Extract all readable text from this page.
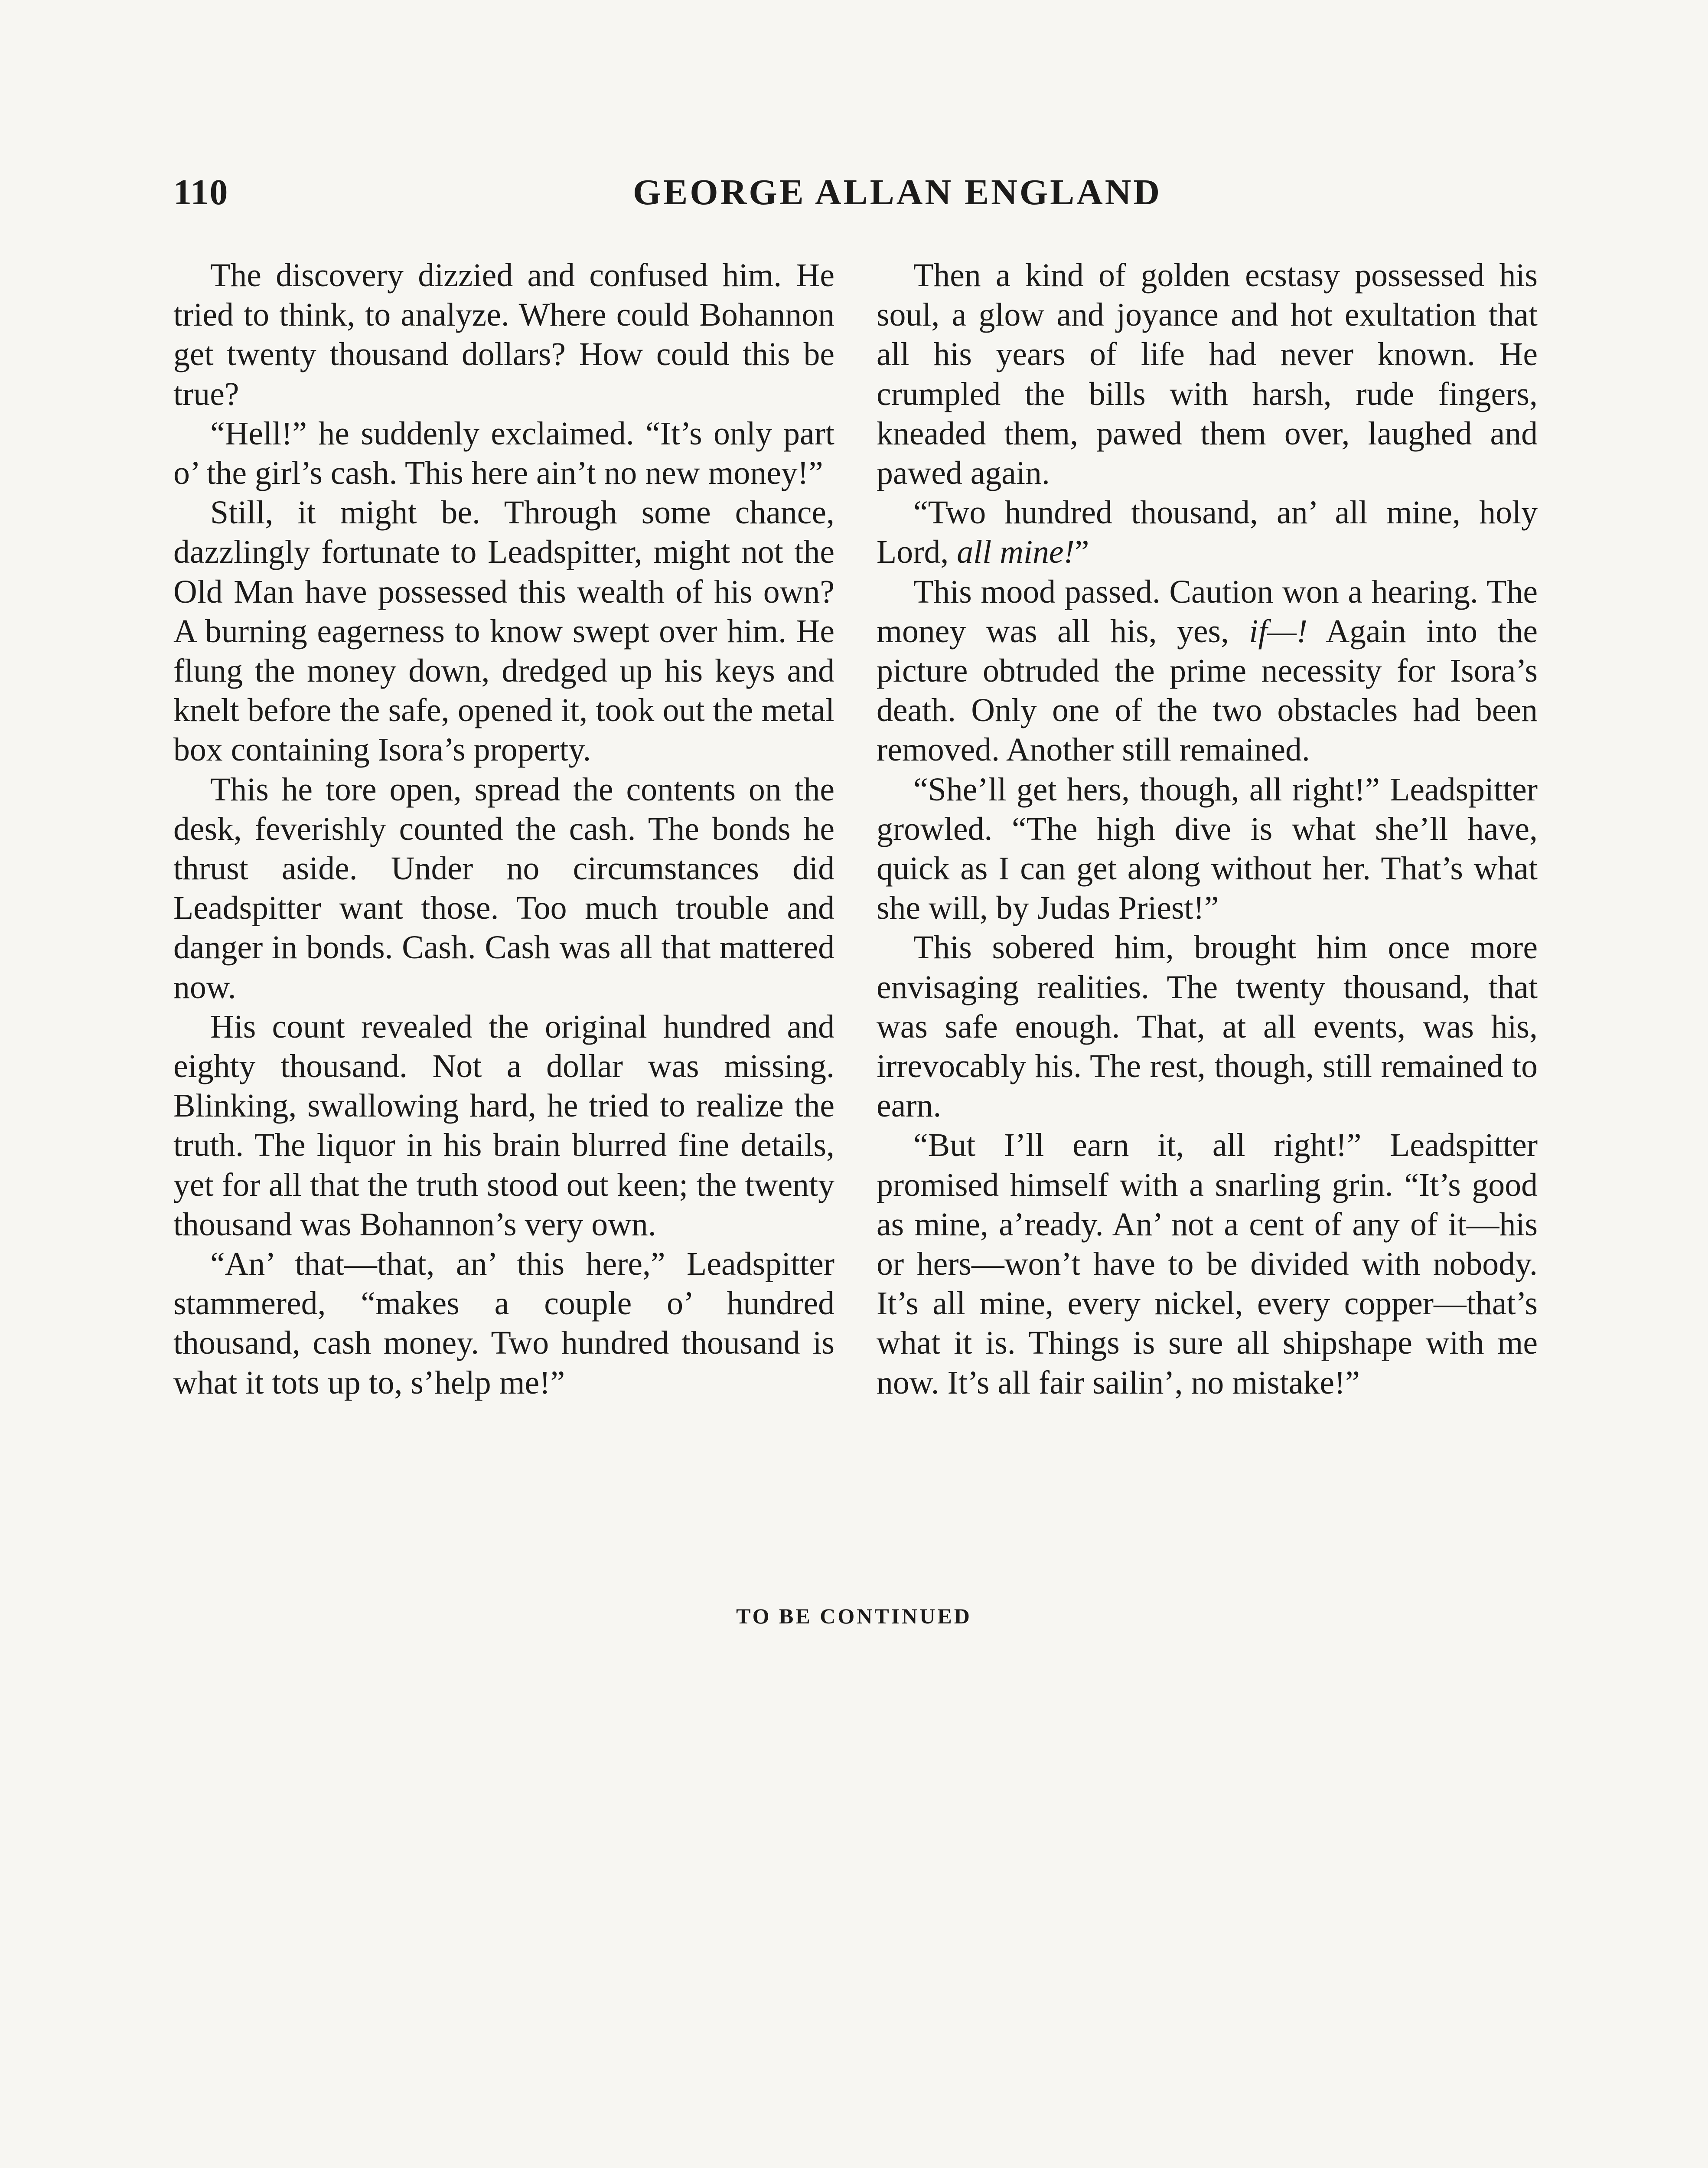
110	GEORGE ALLAN ENGLAND

The discovery dizzied and confused him. He tried to think, to analyze. Where could Bohannon get twenty thousand dollars? How could this be true?

“Hell!” he suddenly exclaimed. “It’s only part o’ the girl’s cash. This here ain’t no new money!”

Still, it might be. Through some chance, dazzlingly fortunate to Leadspitter, might not the Old Man have possessed this wealth of his own? A burning eagerness to know swept over him. He flung the money down, dredged up his keys and knelt before the safe, opened it, took out the metal box containing Isora’s property.

This he tore open, spread the contents on the desk, feverishly counted the cash. The bonds he thrust aside. Under no circumstances did Leadspitter want those. Too much trouble and danger in bonds. Cash. Cash was all that mattered now.

His count revealed the original hundred and eighty thousand. Not a dollar was missing. Blinking, swallowing hard, he tried to realize the truth. The liquor in his brain blurred fine details, yet for all that the truth stood out keen; the twenty thousand was Bohannon’s very own.

“An’ that—that, an’ this here,” Leadspitter stammered, “makes a couple o’ hundred thousand, cash money. Two hundred thousand is what it tots up to, s’help me!”

Then a kind of golden ecstasy possessed his soul, a glow and joyance and hot exultation that all his years of life had never known. He crumpled the bills with harsh, rude fingers, kneaded them, pawed them over, laughed and pawed again.

“Two hundred thousand, an’ all mine, holy Lord, all mine!”

This mood passed. Caution won a hearing. The money was all his, yes, if—! Again into the picture obtruded the prime necessity for Isora’s death. Only one of the two obstacles had been removed. Another still remained.

“She’ll get hers, though, all right!” Leadspitter growled. “The high dive is what she’ll have, quick as I can get along without her. That’s what she will, by Judas Priest!”

This sobered him, brought him once more envisaging realities. The twenty thousand, that was safe enough. That, at all events, was his, irrevocably his. The rest, though, still remained to earn.

“But I’ll earn it, all right!” Leadspitter promised himself with a snarling grin. “It’s good as mine, a’ready. An’ not a cent of any of it—his or hers—won’t have to be divided with nobody. It’s all mine, every nickel, every copper—that’s what it is. Things is sure all shipshape with me now. It’s all fair sailin’, no mistake!”

TO BE CONTINUED
